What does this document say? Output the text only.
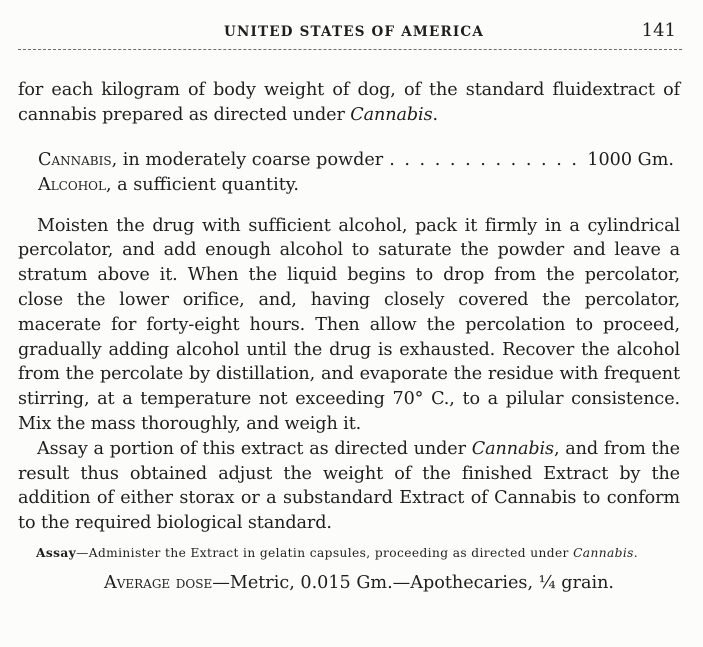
UNITED STATES OF AMERICA	141

for each kilogram of body weight of dog, of the standard fluidextract of cannabis prepared as directed under Cannabis.

Cannabis , in moderately coarse powder
. . .	1000 Gm.
Alcohol , a sufficient quantity.

Moisten the drug with sufficient alcohol, pack it firmly in a cylindrical percolator, and add enough alcohol to saturate the powder and leave a stratum above it. When the liquid begins to drop from the percolator, close the lower orifice, and, having closely covered the percolator, macerate for forty-eight hours. Then allow the percolation to proceed, gradually adding alcohol until the drug is exhausted. Recover the alcohol from the percolate by distillation, and evaporate the residue with frequent stirring, at a temperature not exceeding 70° C., to a pilular consistence. Mix the mass thoroughly, and weigh it.

Assay a portion of this extract as directed under Cannabis, and from the result thus obtained adjust the weight of the finished Extract by the addition of either storax or a substandard Extract of Cannabis to conform to the required biological standard.

Assay—Administer the Extract in gelatin capsules, proceeding as directed under Cannabis.

Average dose—Metric, 0.015 Gm.—Apothecaries, ¼ grain.
